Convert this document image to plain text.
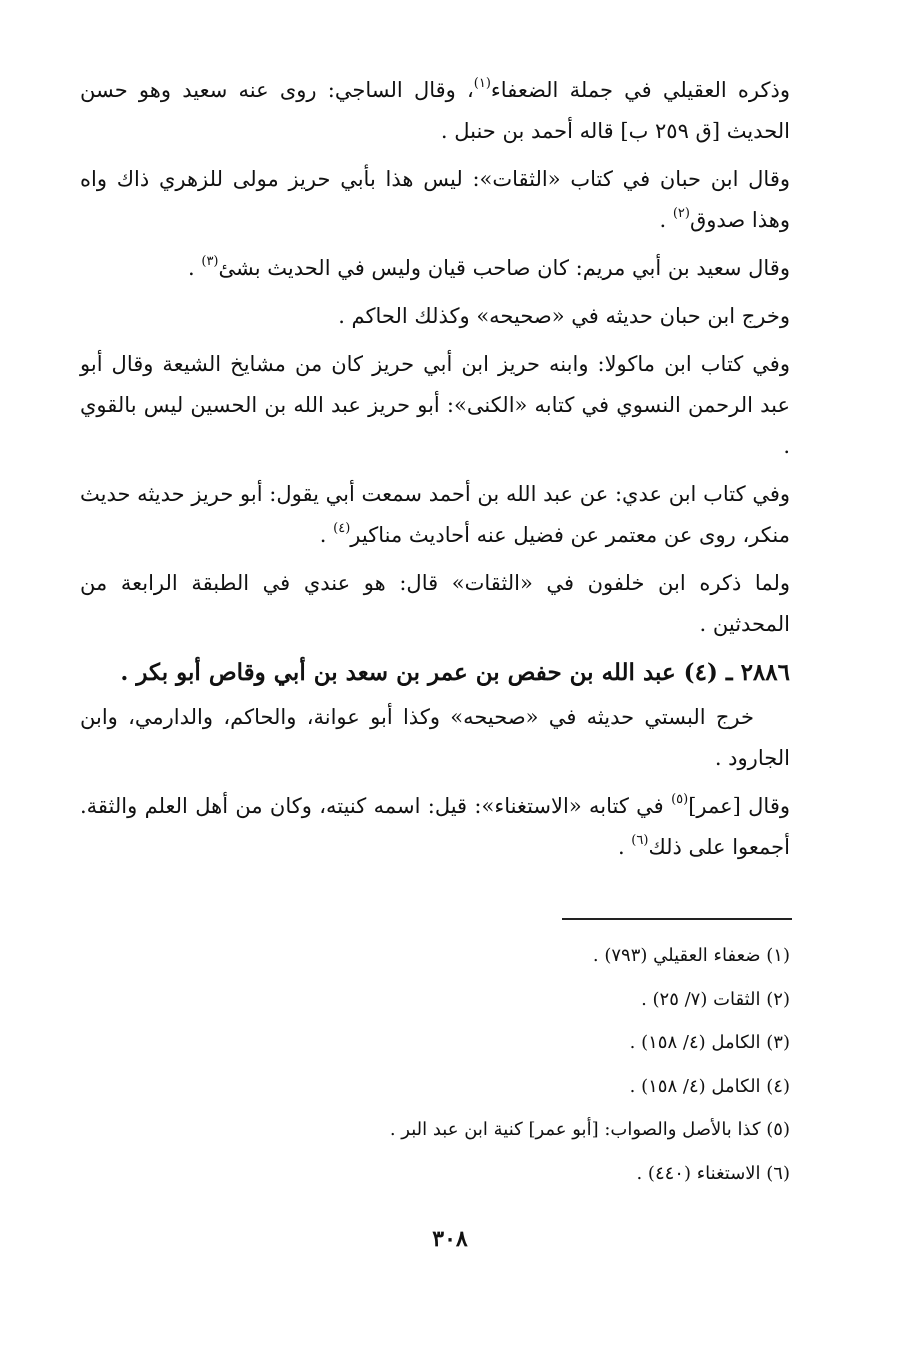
وذكره العقيلي في جملة الضعفاء$^{(١)}$، وقال الساجي: روى عنه سعيد وهو حسن الحديث [ق ٢٥٩ ب] قاله أحمد بن حنبل .

وقال ابن حبان في كتاب «الثقات»: ليس هذا بأبي حريز مولى للزهري ذاك واه وهذا صدوق$^{(٢)}$ .

وقال سعيد بن أبي مريم: كان صاحب قيان وليس في الحديث بشئ$^{(٣)}$ .

وخرج ابن حبان حديثه في «صحيحه» وكذلك الحاكم .

وفي كتاب ابن ماكولا: وابنه حريز ابن أبي حريز كان من مشايخ الشيعة وقال أبو عبد الرحمن النسوي في كتابه «الكنى»: أبو حريز عبد الله بن الحسين ليس بالقوي .

وفي كتاب ابن عدي: عن عبد الله بن أحمد سمعت أبي يقول: أبو حريز حديثه حديث منكر، روى عن معتمر عن فضيل عنه أحاديث مناكير$^{(٤)}$ .

ولما ذكره ابن خلفون في «الثقات» قال: هو عندي في الطبقة الرابعة من المحدثين .

٢٨٨٦ ـ (٤) عبد الله بن حفص بن عمر بن سعد بن أبي وقاص أبو بكر .

خرج البستي حديثه في «صحيحه» وكذا أبو عوانة، والحاكم، والدارمي، وابن الجارود .

وقال [عمر]$^{(٥)}$ في كتابه «الاستغناء»: قيل: اسمه كنيته، وكان من أهل العلم والثقة. أجمعوا على ذلك$^{(٦)}$ .

(١) ضعفاء العقيلي (٧٩٣) .
(٢) الثقات (٧/ ٢٥) .
(٣) الكامل (٤/ ١٥٨) .
(٤) الكامل (٤/ ١٥٨) .
(٥) كذا بالأصل والصواب: [أبو عمر] كنية ابن عبد البر .
(٦) الاستغناء (٤٤٠) .
٣٠٨
